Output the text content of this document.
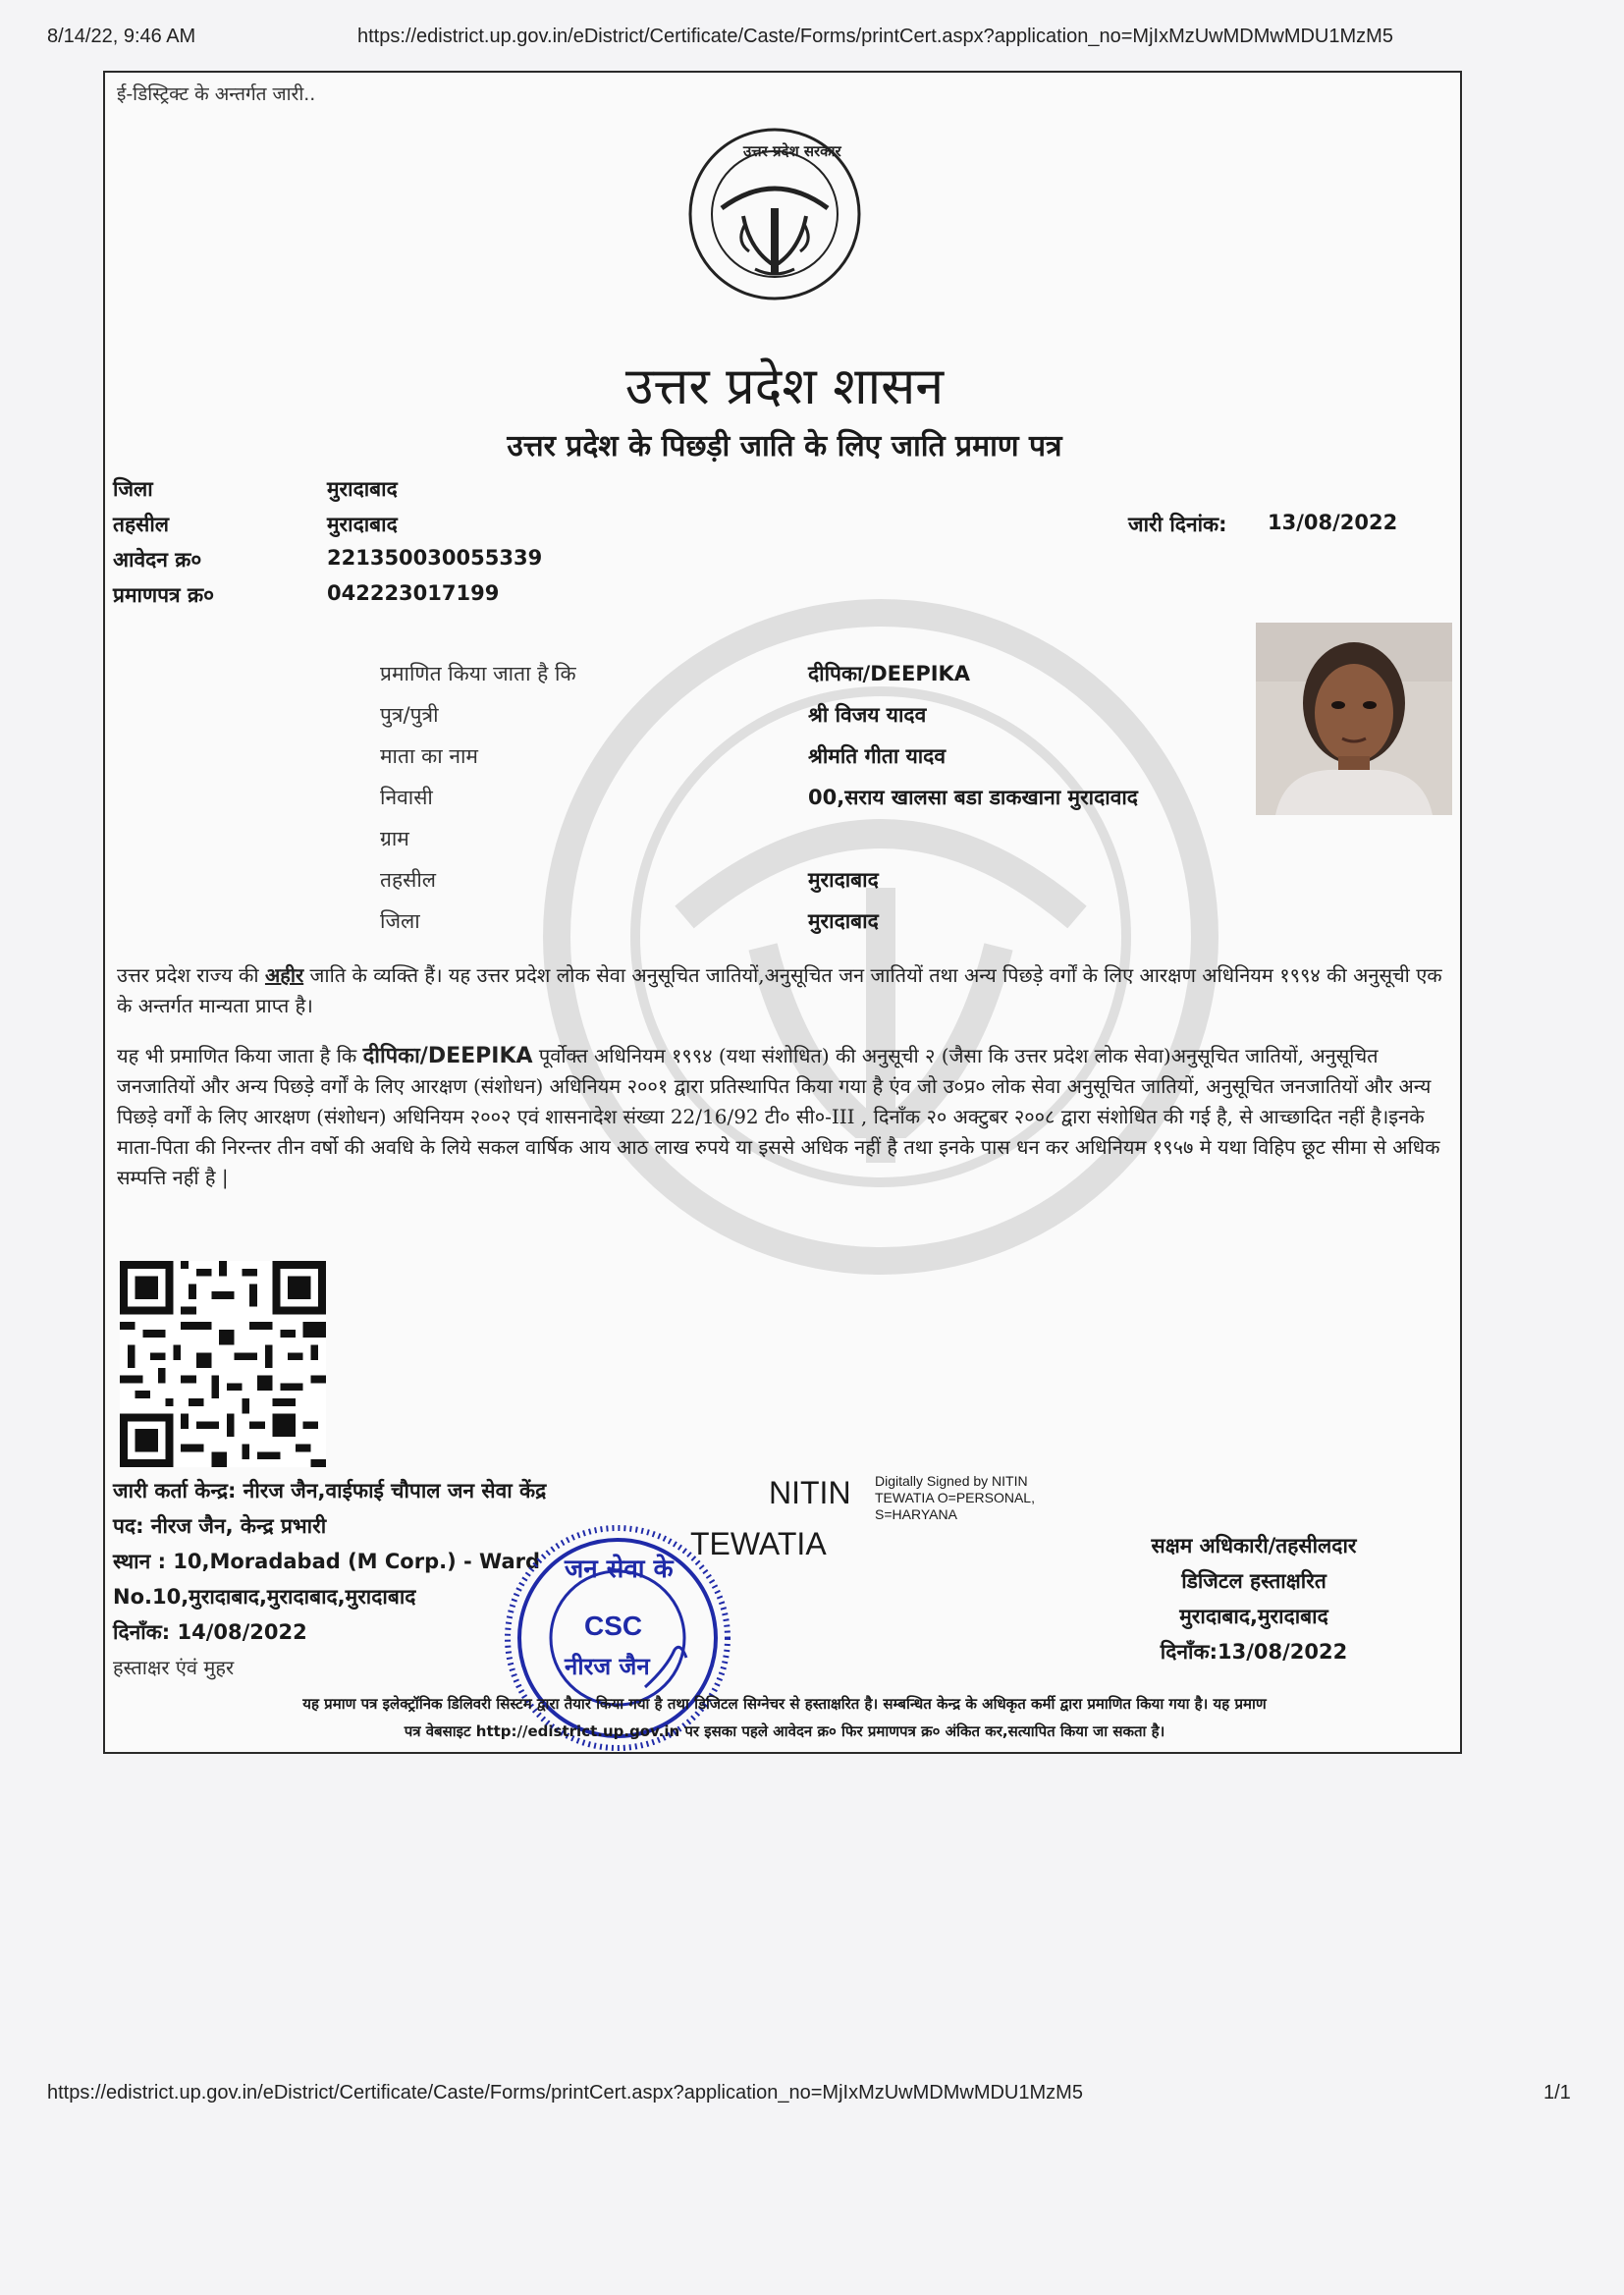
8/14/22, 9:46 AM	https://edistrict.up.gov.in/eDistrict/Certificate/Caste/Forms/printCert.aspx?application_no=MjIxMzUwMDMwMDU1MzM5
ई-डिस्ट्रिक्ट के अन्तर्गत जारी..
उत्तर प्रदेश सरकार
उत्तर प्रदेश शासन
उत्तर प्रदेश के पिछड़ी जाति के लिए जाति प्रमाण पत्र
जिला	मुरादाबाद
तहसील	मुरादाबाद
आवेदन क्र०	221350030055339
प्रमाणपत्र क्र०	042223017199
जारी दिनांक: 13/08/2022
प्रमाणित किया जाता है कि	दीपिका/DEEPIKA
पुत्र/पुत्री	श्री विजय यादव
माता का नाम	श्रीमति गीता यादव
निवासी	00,सराय खालसा बडा डाकखाना मुरादावाद
ग्राम
तहसील	मुरादाबाद
जिला	मुरादाबाद
उत्तर प्रदेश राज्य की अहीर जाति के व्यक्ति हैं। यह उत्तर प्रदेश लोक सेवा अनुसूचित जातियों,अनुसूचित जन जातियों तथा अन्य पिछड़े वर्गों के लिए आरक्षण अधिनियम १९९४ की अनुसूची एक के अन्तर्गत मान्यता प्राप्त है।
यह भी प्रमाणित किया जाता है कि दीपिका/DEEPIKA पूर्वोक्त अधिनियम १९९४ (यथा संशोधित) की अनुसूची २ (जैसा कि उत्तर प्रदेश लोक सेवा)अनुसूचित जातियों, अनुसूचित जनजातियों और अन्य पिछड़े वर्गों के लिए आरक्षण (संशोधन) अधिनियम २००१ द्वारा प्रतिस्थापित किया गया है एंव जो उ०प्र० लोक सेवा अनुसूचित जातियों, अनुसूचित जनजातियों और अन्य पिछड़े वर्गों के लिए आरक्षण (संशोधन) अधिनियम २००२ एवं शासनादेश संख्या 22/16/92 टी० सी०-III , दिनाँक २० अक्टुबर २००८ द्वारा संशोधित की गई है, से आच्छादित नहीं है।इनके माता-पिता की निरन्तर तीन वर्षो की अवधि के लिये सकल वार्षिक आय आठ लाख रुपये या इससे अधिक नहीं है तथा इनके पास धन कर अधिनियम १९५७ मे यथा विहिप छूट सीमा से अधिक सम्पत्ति नहीं है |
जारी कर्ता केन्द्र: नीरज जैन,वाईफाई चौपाल जन सेवा केंद्र
पद: नीरज जैन, केन्द्र प्रभारी
स्थान : 10,Moradabad (M Corp.) - Ward
No.10,मुरादाबाद,मुरादाबाद,मुरादाबाद
दिनाँक: 14/08/2022
हस्ताक्षर एंवं मुहर
NITIN
TEWATIA
Digitally Signed by NITIN
TEWATIA O=PERSONAL,
S=HARYANA
सक्षम अधिकारी/तहसीलदार
डिजिटल हस्ताक्षरित
मुरादाबाद,मुरादाबाद
दिनाँक:13/08/2022
जन सेवा के
CSC
नीरज जैन
यह प्रमाण पत्र इलेक्ट्रॉनिक डिलिवरी सिस्टम द्वारा तैयार किया गया है तथा डिजिटल सिग्नेचर से हस्ताक्षरित है। सम्बन्धित केन्द्र के अधिकृत कर्मी द्वारा प्रमाणित किया गया है। यह प्रमाण
पत्र वेबसाइट http://edistrict.up.gov.in पर इसका पहले आवेदन क्र० फिर प्रमाणपत्र क्र० अंकित कर,सत्यापित किया जा सकता है।
https://edistrict.up.gov.in/eDistrict/Certificate/Caste/Forms/printCert.aspx?application_no=MjIxMzUwMDMwMDU1MzM5	1/1
